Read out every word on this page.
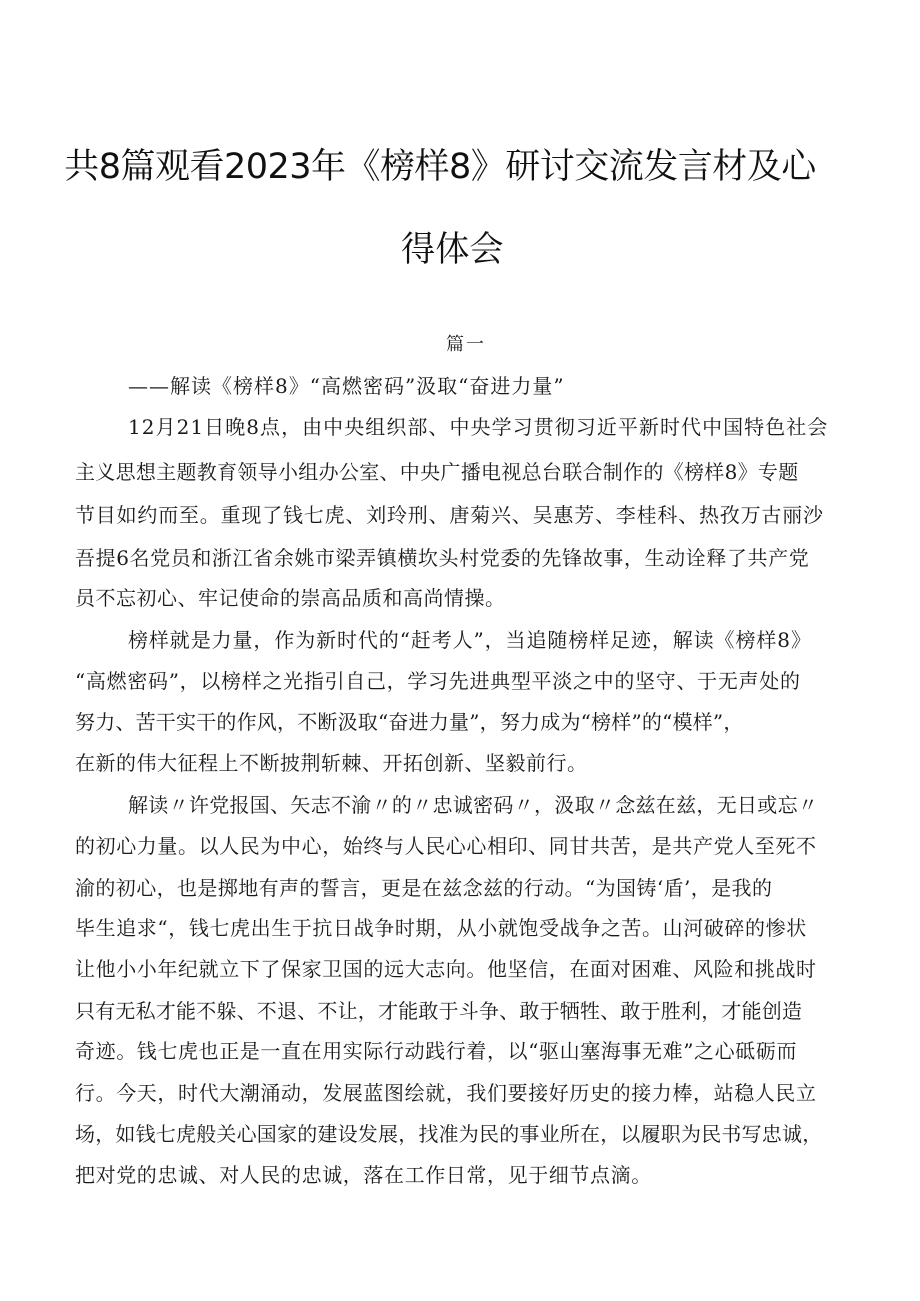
共8篇观看2023年《榜样8》研讨交流发言材及心
得体会
篇一
——解读《榜样8》“高燃密码”汲取“奋进力量”
12月21日晚8点，由中央组织部、中央学习贯彻习近平新时代中国特色社会
主义思想主题教育领导小组办公室、中央广播电视总台联合制作的《榜样8》专题
节目如约而至。重现了钱七虎、刘玲刑、唐菊兴、吴惠芳、李桂科、热孜万古丽沙
吾提6名党员和浙江省余姚市梁弄镇横坎头村党委的先锋故事，生动诠释了共产党
员不忘初心、牢记使命的崇高品质和高尚情操。
榜样就是力量，作为新时代的“赶考人”，当追随榜样足迹，解读《榜样8》
“高燃密码”，以榜样之光指引自己，学习先进典型平淡之中的坚守、于无声处的
努力、苦干实干的作风，不断汲取“奋进力量”，努力成为“榜样”的“模样”，
在新的伟大征程上不断披荆斩棘、开拓创新、坚毅前行。
解读〃许党报国、矢志不渝〃的〃忠诚密码〃，汲取〃念兹在兹，无日或忘〃
的初心力量。以人民为中心，始终与人民心心相印、同甘共苦，是共产党人至死不
渝的初心，也是掷地有声的誓言，更是在兹念兹的行动。“为国铸‘盾’，是我的
毕生追求“，钱七虎出生于抗日战争时期，从小就饱受战争之苦。山河破碎的惨状
让他小小年纪就立下了保家卫国的远大志向。他坚信，在面对困难、风险和挑战时
只有无私才能不躲、不退、不让，才能敢于斗争、敢于牺牲、敢于胜利，才能创造
奇迹。钱七虎也正是一直在用实际行动践行着，以“驱山塞海事无难”之心砥砺而
行。今天，时代大潮涌动，发展蓝图绘就，我们要接好历史的接力棒，站稳人民立
场，如钱七虎般关心国家的建设发展，找准为民的事业所在，以履职为民书写忠诚，
把对党的忠诚、对人民的忠诚，落在工作日常，见于细节点滴。
